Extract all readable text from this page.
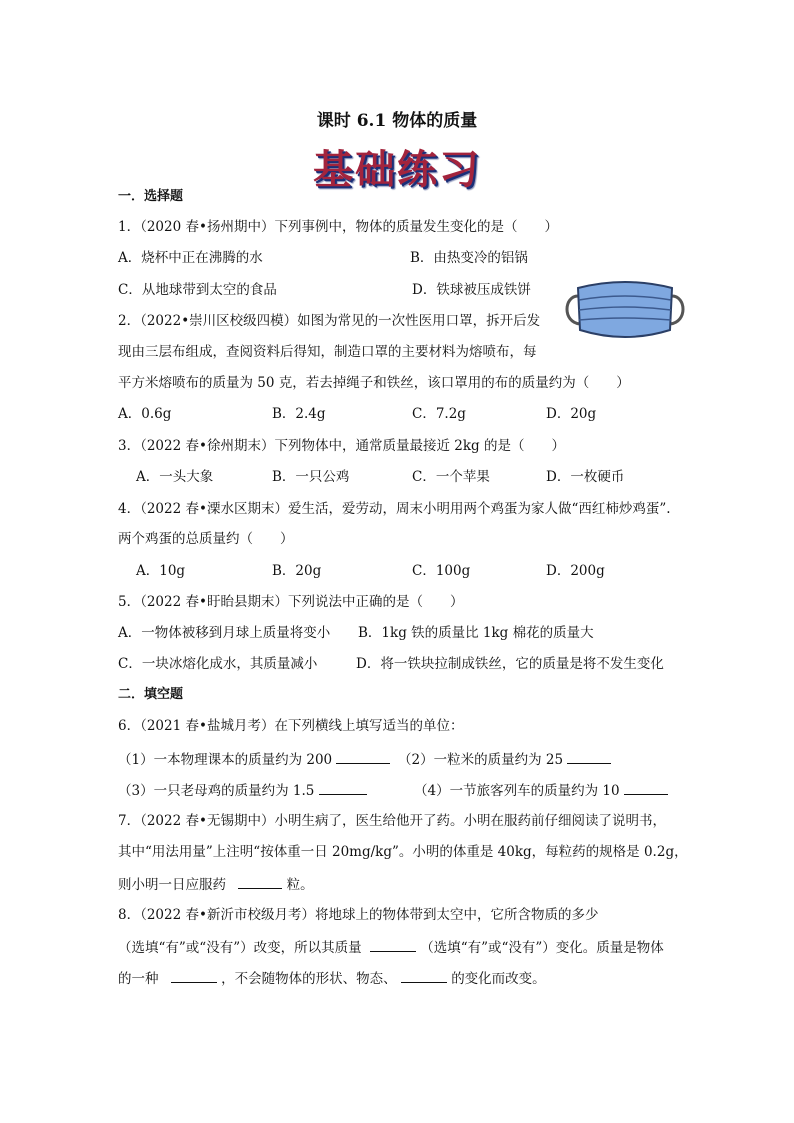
课时 6.1 物体的质量
基础练习
一．选择题
1．（2020 春•扬州期中）下列事例中，物体的质量发生变化的是（　　）
A．烧杯中正在沸腾的水	B．由热变冷的铝锅
C．从地球带到太空的食品	D．铁球被压成铁饼
2．（2022•崇川区校级四模）如图为常见的一次性医用口罩，拆开后发
现由三层布组成，查阅资料后得知，制造口罩的主要材料为熔喷布，每
平方米熔喷布的质量为 50 克，若去掉绳子和铁丝，该口罩用的布的质量约为（　　）
A．0.6g	B．2.4g	C．7.2g	D．20g
3．（2022 春•徐州期末）下列物体中，通常质量最接近 2kg 的是（　　）
A．一头大象	B．一只公鸡	C．一个苹果	D．一枚硬币
4．（2022 春•溧水区期末）爱生活，爱劳动，周末小明用两个鸡蛋为家人做“西红柿炒鸡蛋”.
两个鸡蛋的总质量约（　　）
A．10g	B．20g	C．100g	D．200g
5．（2022 春•盱眙县期末）下列说法中正确的是（　　）
A．一物体被移到月球上质量将变小 B．1kg 铁的质量比 1kg 棉花的质量大
C．一块冰熔化成水，其质量减小	D．将一铁块拉制成铁丝，它的质量是将不发生变化
二．填空题
6．（2021 春•盐城月考）在下列横线上填写适当的单位：
（1）一本物理课本的质量约为 200	（2）一粒米的质量约为 25
（3）一只老母鸡的质量约为 1.5	（4）一节旅客列车的质量约为 10
7．（2022 春•无锡期中）小明生病了，医生给他开了药。小明在服药前仔细阅读了说明书，
其中“用法用量”上注明“按体重一日 20mg/kg”。小明的体重是 40kg，每粒药的规格是 0.2g，
则小明一日应服药	粒。
8．（2022 春•新沂市校级月考）将地球上的物体带到太空中，它所含物质的多少
（选填“有”或“没有”）改变，所以其质量	（选填“有”或“没有”）变化。质量是物体
的一种	，不会随物体的形状、物态、	的变化而改变。
